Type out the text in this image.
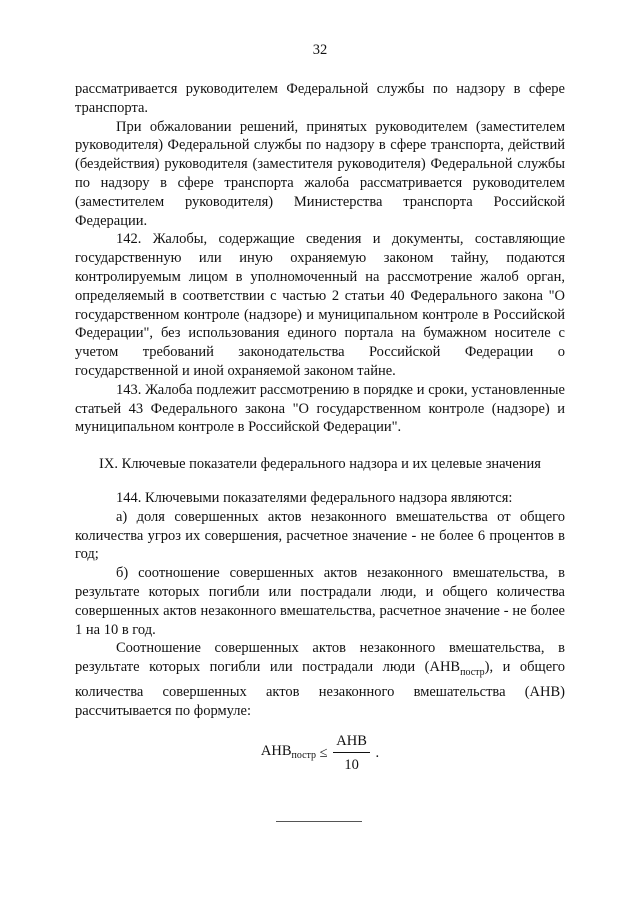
32

рассматривается руководителем Федеральной службы по надзору в сфере транспорта.

При обжаловании решений, принятых руководителем (заместителем руководителя) Федеральной службы по надзору в сфере транспорта, действий (бездействия) руководителя (заместителя руководителя) Федеральной службы по надзору в сфере транспорта жалоба рассматривается руководителем (заместителем руководителя) Министерства транспорта Российской Федерации.

142. Жалобы, содержащие сведения и документы, составляющие государственную или иную охраняемую законом тайну, подаются контролируемым лицом в уполномоченный на рассмотрение жалоб орган, определяемый в соответствии с частью 2 статьи 40 Федерального закона "О государственном контроле (надзоре) и муниципальном контроле в Российской Федерации", без использования единого портала на бумажном носителе с учетом требований законодательства Российской Федерации о государственной и иной охраняемой законом тайне.

143. Жалоба подлежит рассмотрению в порядке и сроки, установленные статьей 43 Федерального закона "О государственном контроле (надзоре) и муниципальном контроле в Российской Федерации".

IX. Ключевые показатели федерального надзора и их целевые значения

144. Ключевыми показателями федерального надзора являются:

а) доля совершенных актов незаконного вмешательства от общего количества угроз их совершения, расчетное значение - не более 6 процентов в год;

б) соотношение совершенных актов незаконного вмешательства, в результате которых погибли или пострадали люди, и общего количества совершенных актов незаконного вмешательства, расчетное значение - не более 1 на 10 в год.

Соотношение совершенных актов незаконного вмешательства, в результате которых погибли или пострадали люди $(АНВ_{постр})$, и общего количества совершенных актов незаконного вмешательства (АНВ) рассчитывается по формуле:

$АНВ_{постр} \le \frac{\text{АНВ}}{10}$ .
